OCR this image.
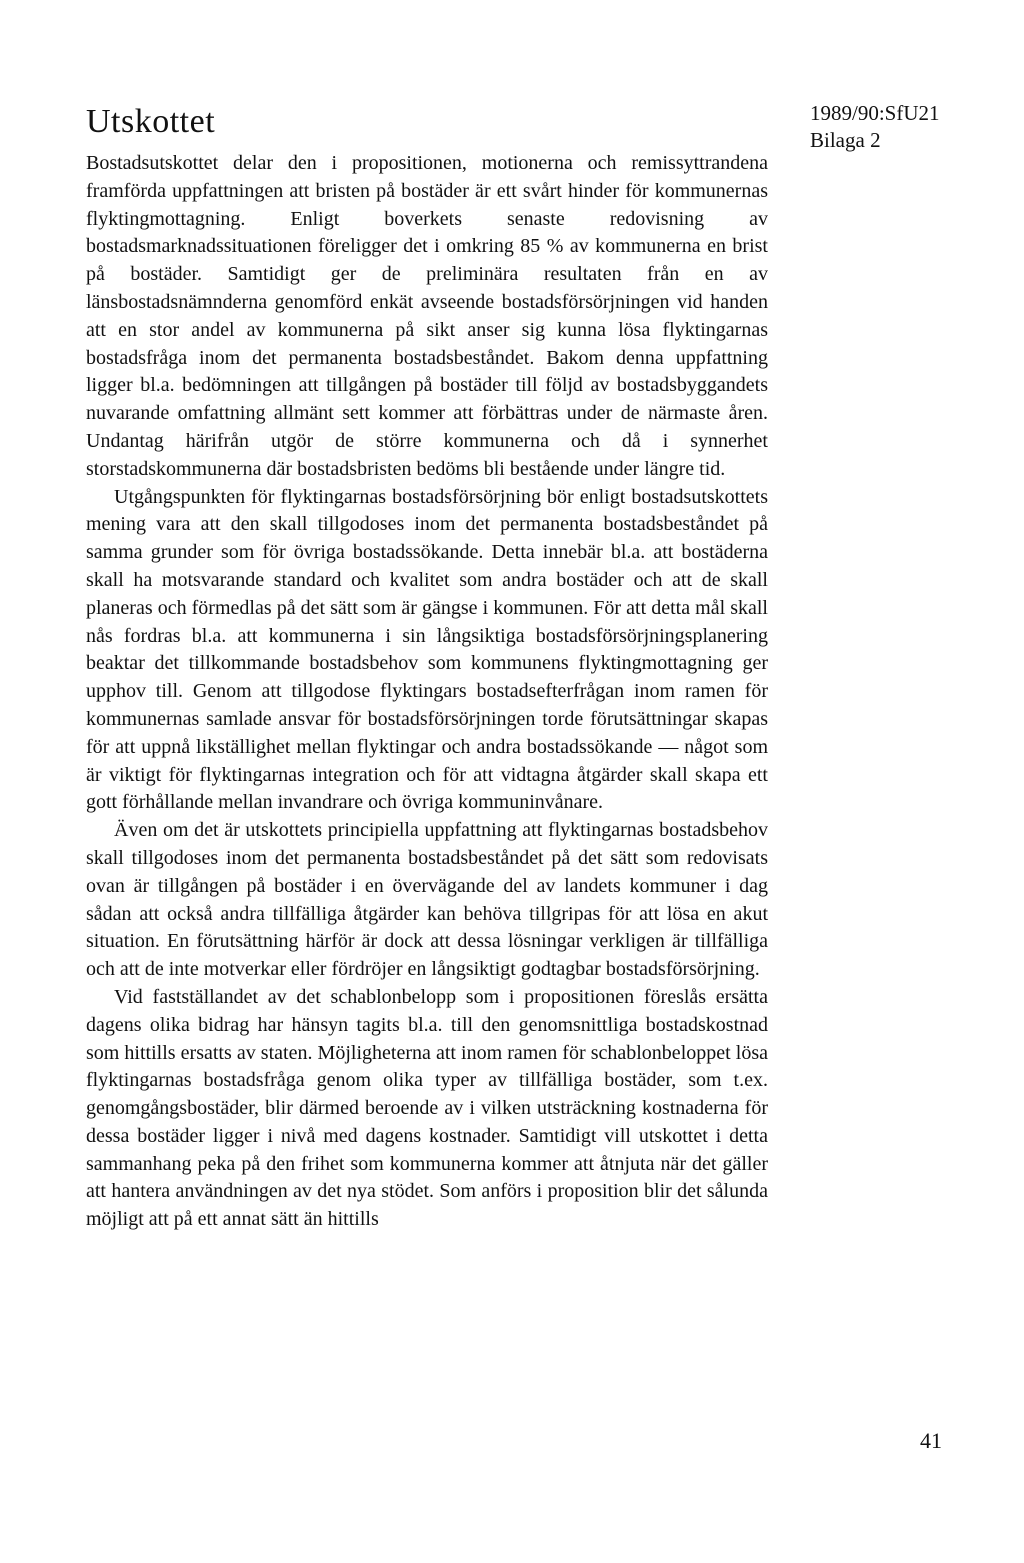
Utskottet	1989/90:SfU21
Bilaga 2

Bostadsutskottet delar den i propositionen, motionerna och remissyttrandena framförda uppfattningen att bristen på bostäder är ett svårt hinder för kommunernas flyktingmottagning. Enligt boverkets senaste redovisning av bostadsmarknadssituationen föreligger det i omkring 85 % av kommunerna en brist på bostäder. Samtidigt ger de preliminära resultaten från en av länsbostadsnämnderna genomförd enkät avseende bostadsförsörjningen vid handen att en stor andel av kommunerna på sikt anser sig kunna lösa flyktingarnas bostadsfråga inom det permanenta bostadsbeståndet. Bakom denna uppfattning ligger bl.a. bedömningen att tillgången på bostäder till följd av bostadsbyggandets nuvarande omfattning allmänt sett kommer att förbättras under de närmaste åren. Undantag härifrån utgör de större kommunerna och då i synnerhet storstadskommunerna där bostadsbristen bedöms bli bestående under längre tid.

Utgångspunkten för flyktingarnas bostadsförsörjning bör enligt bostadsutskottets mening vara att den skall tillgodoses inom det permanenta bostadsbeståndet på samma grunder som för övriga bostadssökande. Detta innebär bl.a. att bostäderna skall ha motsvarande standard och kvalitet som andra bostäder och att de skall planeras och förmedlas på det sätt som är gängse i kommunen. För att detta mål skall nås fordras bl.a. att kommunerna i sin långsiktiga bostadsförsörjningsplanering beaktar det tillkommande bostadsbehov som kommunens flyktingmottagning ger upphov till. Genom att tillgodose flyktingars bostadsefterfrågan inom ramen för kommunernas samlade ansvar för bostadsförsörjningen torde förutsättningar skapas för att uppnå likställighet mellan flyktingar och andra bostadssökande — något som är viktigt för flyktingarnas integration och för att vidtagna åtgärder skall skapa ett gott förhållande mellan invandrare och övriga kommuninvånare.

Även om det är utskottets principiella uppfattning att flyktingarnas bostadsbehov skall tillgodoses inom det permanenta bostadsbeståndet på det sätt som redovisats ovan är tillgången på bostäder i en övervägande del av landets kommuner i dag sådan att också andra tillfälliga åtgärder kan behöva tillgripas för att lösa en akut situation. En förutsättning härför är dock att dessa lösningar verkligen är tillfälliga och att de inte motverkar eller fördröjer en långsiktigt godtagbar bostadsförsörjning.

Vid fastställandet av det schablonbelopp som i propositionen föreslås ersätta dagens olika bidrag har hänsyn tagits bl.a. till den genomsnittliga bostadskostnad som hittills ersatts av staten. Möjligheterna att inom ramen för schablonbeloppet lösa flyktingarnas bostadsfråga genom olika typer av tillfälliga bostäder, som t.ex. genomgångsbostäder, blir därmed beroende av i vilken utsträckning kostnaderna för dessa bostäder ligger i nivå med dagens kostnader. Samtidigt vill utskottet i detta sammanhang peka på den frihet som kommunerna kommer att åtnjuta när det gäller att hantera användningen av det nya stödet. Som anförs i proposition blir det sålunda möjligt att på ett annat sätt än hittills

41
